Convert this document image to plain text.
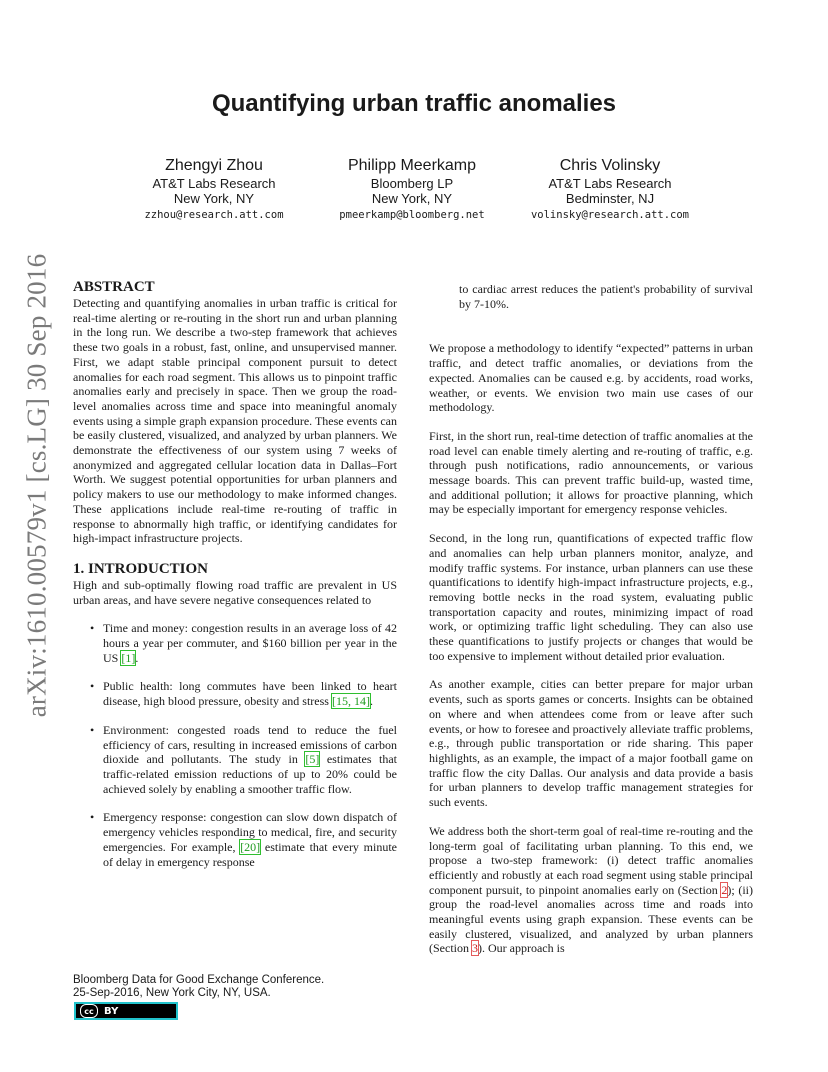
arXiv:1610.00579v1 [cs.LG] 30 Sep 2016
Quantifying urban traffic anomalies
Zhengyi Zhou
AT&T Labs Research
New York, NY
zzhou@research.att.com
Philipp Meerkamp
Bloomberg LP
New York, NY
pmeerkamp@bloomberg.net
Chris Volinsky
AT&T Labs Research
Bedminster, NJ
volinsky@research.att.com
ABSTRACT

Detecting and quantifying anomalies in urban traffic is critical for real-time alerting or re-routing in the short run and urban planning in the long run. We describe a two-step framework that achieves these two goals in a robust, fast, online, and unsupervised manner. First, we adapt stable principal component pursuit to detect anomalies for each road segment. This allows us to pinpoint traffic anomalies early and precisely in space. Then we group the road-level anomalies across time and space into meaningful anomaly events using a simple graph expansion procedure. These events can be easily clustered, visualized, and analyzed by urban planners. We demonstrate the effectiveness of our system using 7 weeks of anonymized and aggregated cellular location data in Dallas–Fort Worth. We suggest potential opportunities for urban planners and policy makers to use our methodology to make informed changes. These applications include real-time re-routing of traffic in response to abnormally high traffic, or identifying candidates for high-impact infrastructure projects.

1. INTRODUCTION

High and sub-optimally flowing road traffic are prevalent in US urban areas, and have severe negative consequences related to

• Time and money: congestion results in an average loss of 42 hours a year per commuter, and $160 billion per year in the US [1].
• Public health: long commutes have been linked to heart disease, high blood pressure, obesity and stress [15, 14].
• Environment: congested roads tend to reduce the fuel efficiency of cars, resulting in increased emissions of carbon dioxide and pollutants. The study in [5] estimates that traffic-related emission reductions of up to 20% could be achieved solely by enabling a smoother traffic flow.
• Emergency response: congestion can slow down dispatch of emergency vehicles responding to medical, fire, and security emergencies. For example, [20] estimate that every minute of delay in emergency response

to cardiac arrest reduces the patient's probability of survival by 7-10%.

We propose a methodology to identify “expected” patterns in urban traffic, and detect traffic anomalies, or deviations from the expected. Anomalies can be caused e.g. by accidents, road works, weather, or events. We envision two main use cases of our methodology.

First, in the short run, real-time detection of traffic anomalies at the road level can enable timely alerting and re-routing of traffic, e.g. through push notifications, radio announcements, or various message boards. This can prevent traffic build-up, wasted time, and additional pollution; it allows for proactive planning, which may be especially important for emergency response vehicles.

Second, in the long run, quantifications of expected traffic flow and anomalies can help urban planners monitor, analyze, and modify traffic systems. For instance, urban planners can use these quantifications to identify high-impact infrastructure projects, e.g., removing bottle necks in the road system, evaluating public transportation capacity and routes, minimizing impact of road work, or optimizing traffic light scheduling. They can also use these quantifications to justify projects or changes that would be too expensive to implement without detailed prior evaluation.

As another example, cities can better prepare for major urban events, such as sports games or concerts. Insights can be obtained on where and when attendees come from or leave after such events, or how to foresee and proactively alleviate traffic problems, e.g., through public transportation or ride sharing. This paper highlights, as an example, the impact of a major football game on traffic flow the city Dallas. Our analysis and data provide a basis for urban planners to develop traffic management strategies for such events.

We address both the short-term goal of real-time re-routing and the long-term goal of facilitating urban planning. To this end, we propose a two-step framework: (i) detect traffic anomalies efficiently and robustly at each road segment using stable principal component pursuit, to pinpoint anomalies early on (Section 2); (ii) group the road-level anomalies across time and roads into meaningful events using graph expansion. These events can be easily clustered, visualized, and analyzed by urban planners (Section 3). Our approach is

Bloomberg Data for Good Exchange Conference.
25-Sep-2016, New York City, NY, USA.
cc	BY
